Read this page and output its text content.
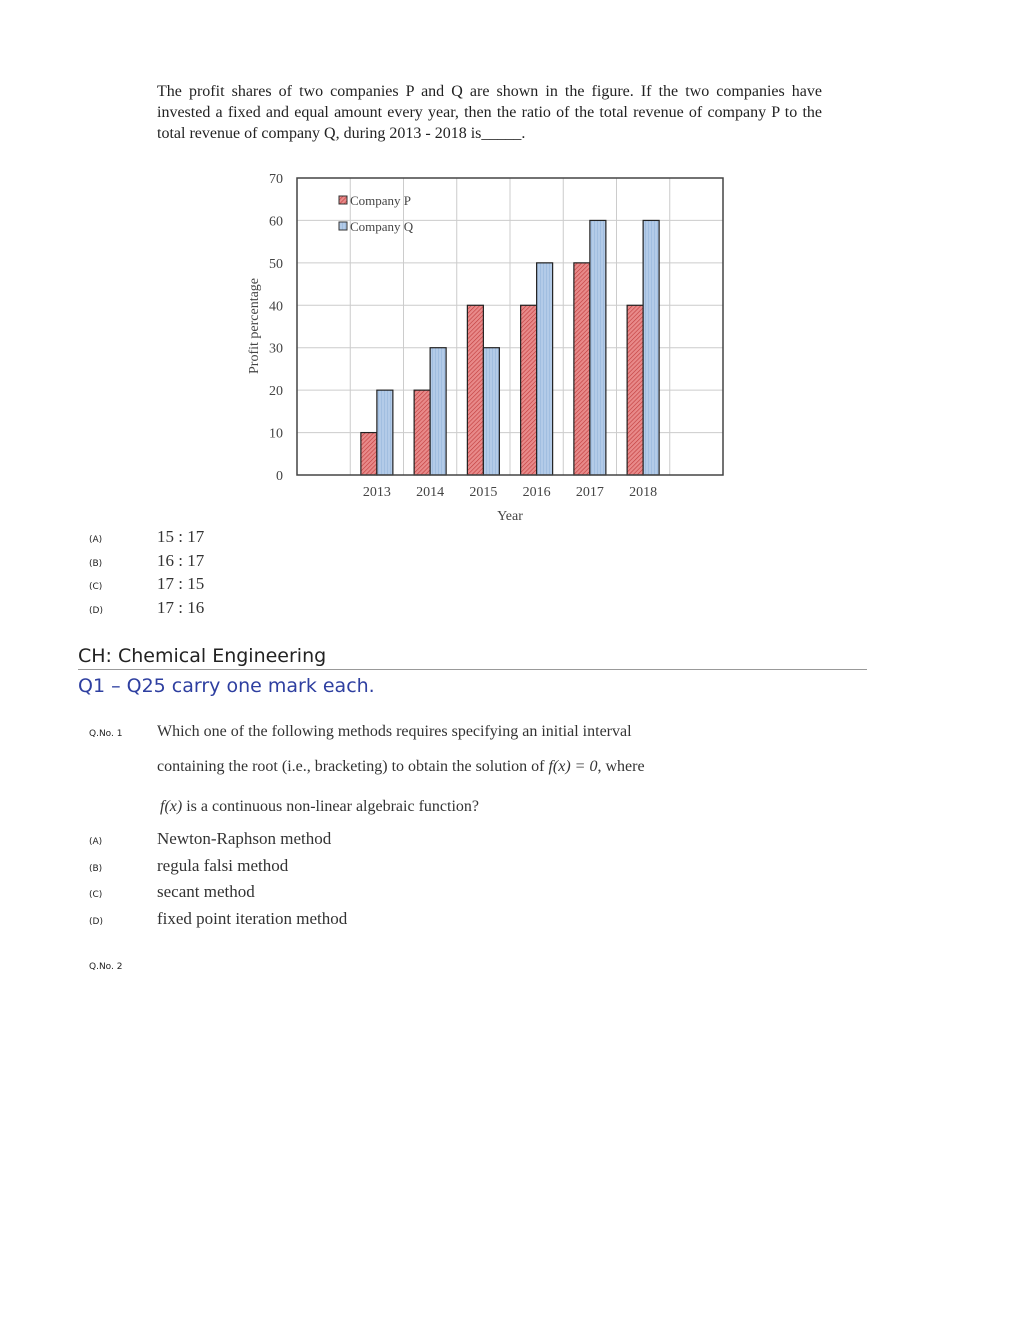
The profit shares of two companies P and Q are shown in the figure. If the two companies have invested a fixed and equal amount every year, then the ratio of the total revenue of company P to the total revenue of company Q, during 2013 - 2018 is_____.
0
10
20
30
40
50
60
70
2013 2014 2015 2016 2017 2018
Profit percentage
Year
Company P
Company Q
(A)	15 : 17
(B)	16 : 17
(C)	17 : 15
(D)	17 : 16
CH: Chemical Engineering
Q1 – Q25 carry one mark each.
Q.No. 1 Which one of the following methods requires specifying an initial interval
containing the root (i.e., bracketing) to obtain the solution of f(x) = 0, where
f(x) is a continuous non-linear algebraic function?
(A)	Newton-Raphson method
(B)	regula falsi method
(C)	secant method
(D)	fixed point iteration method
Q.No. 2
